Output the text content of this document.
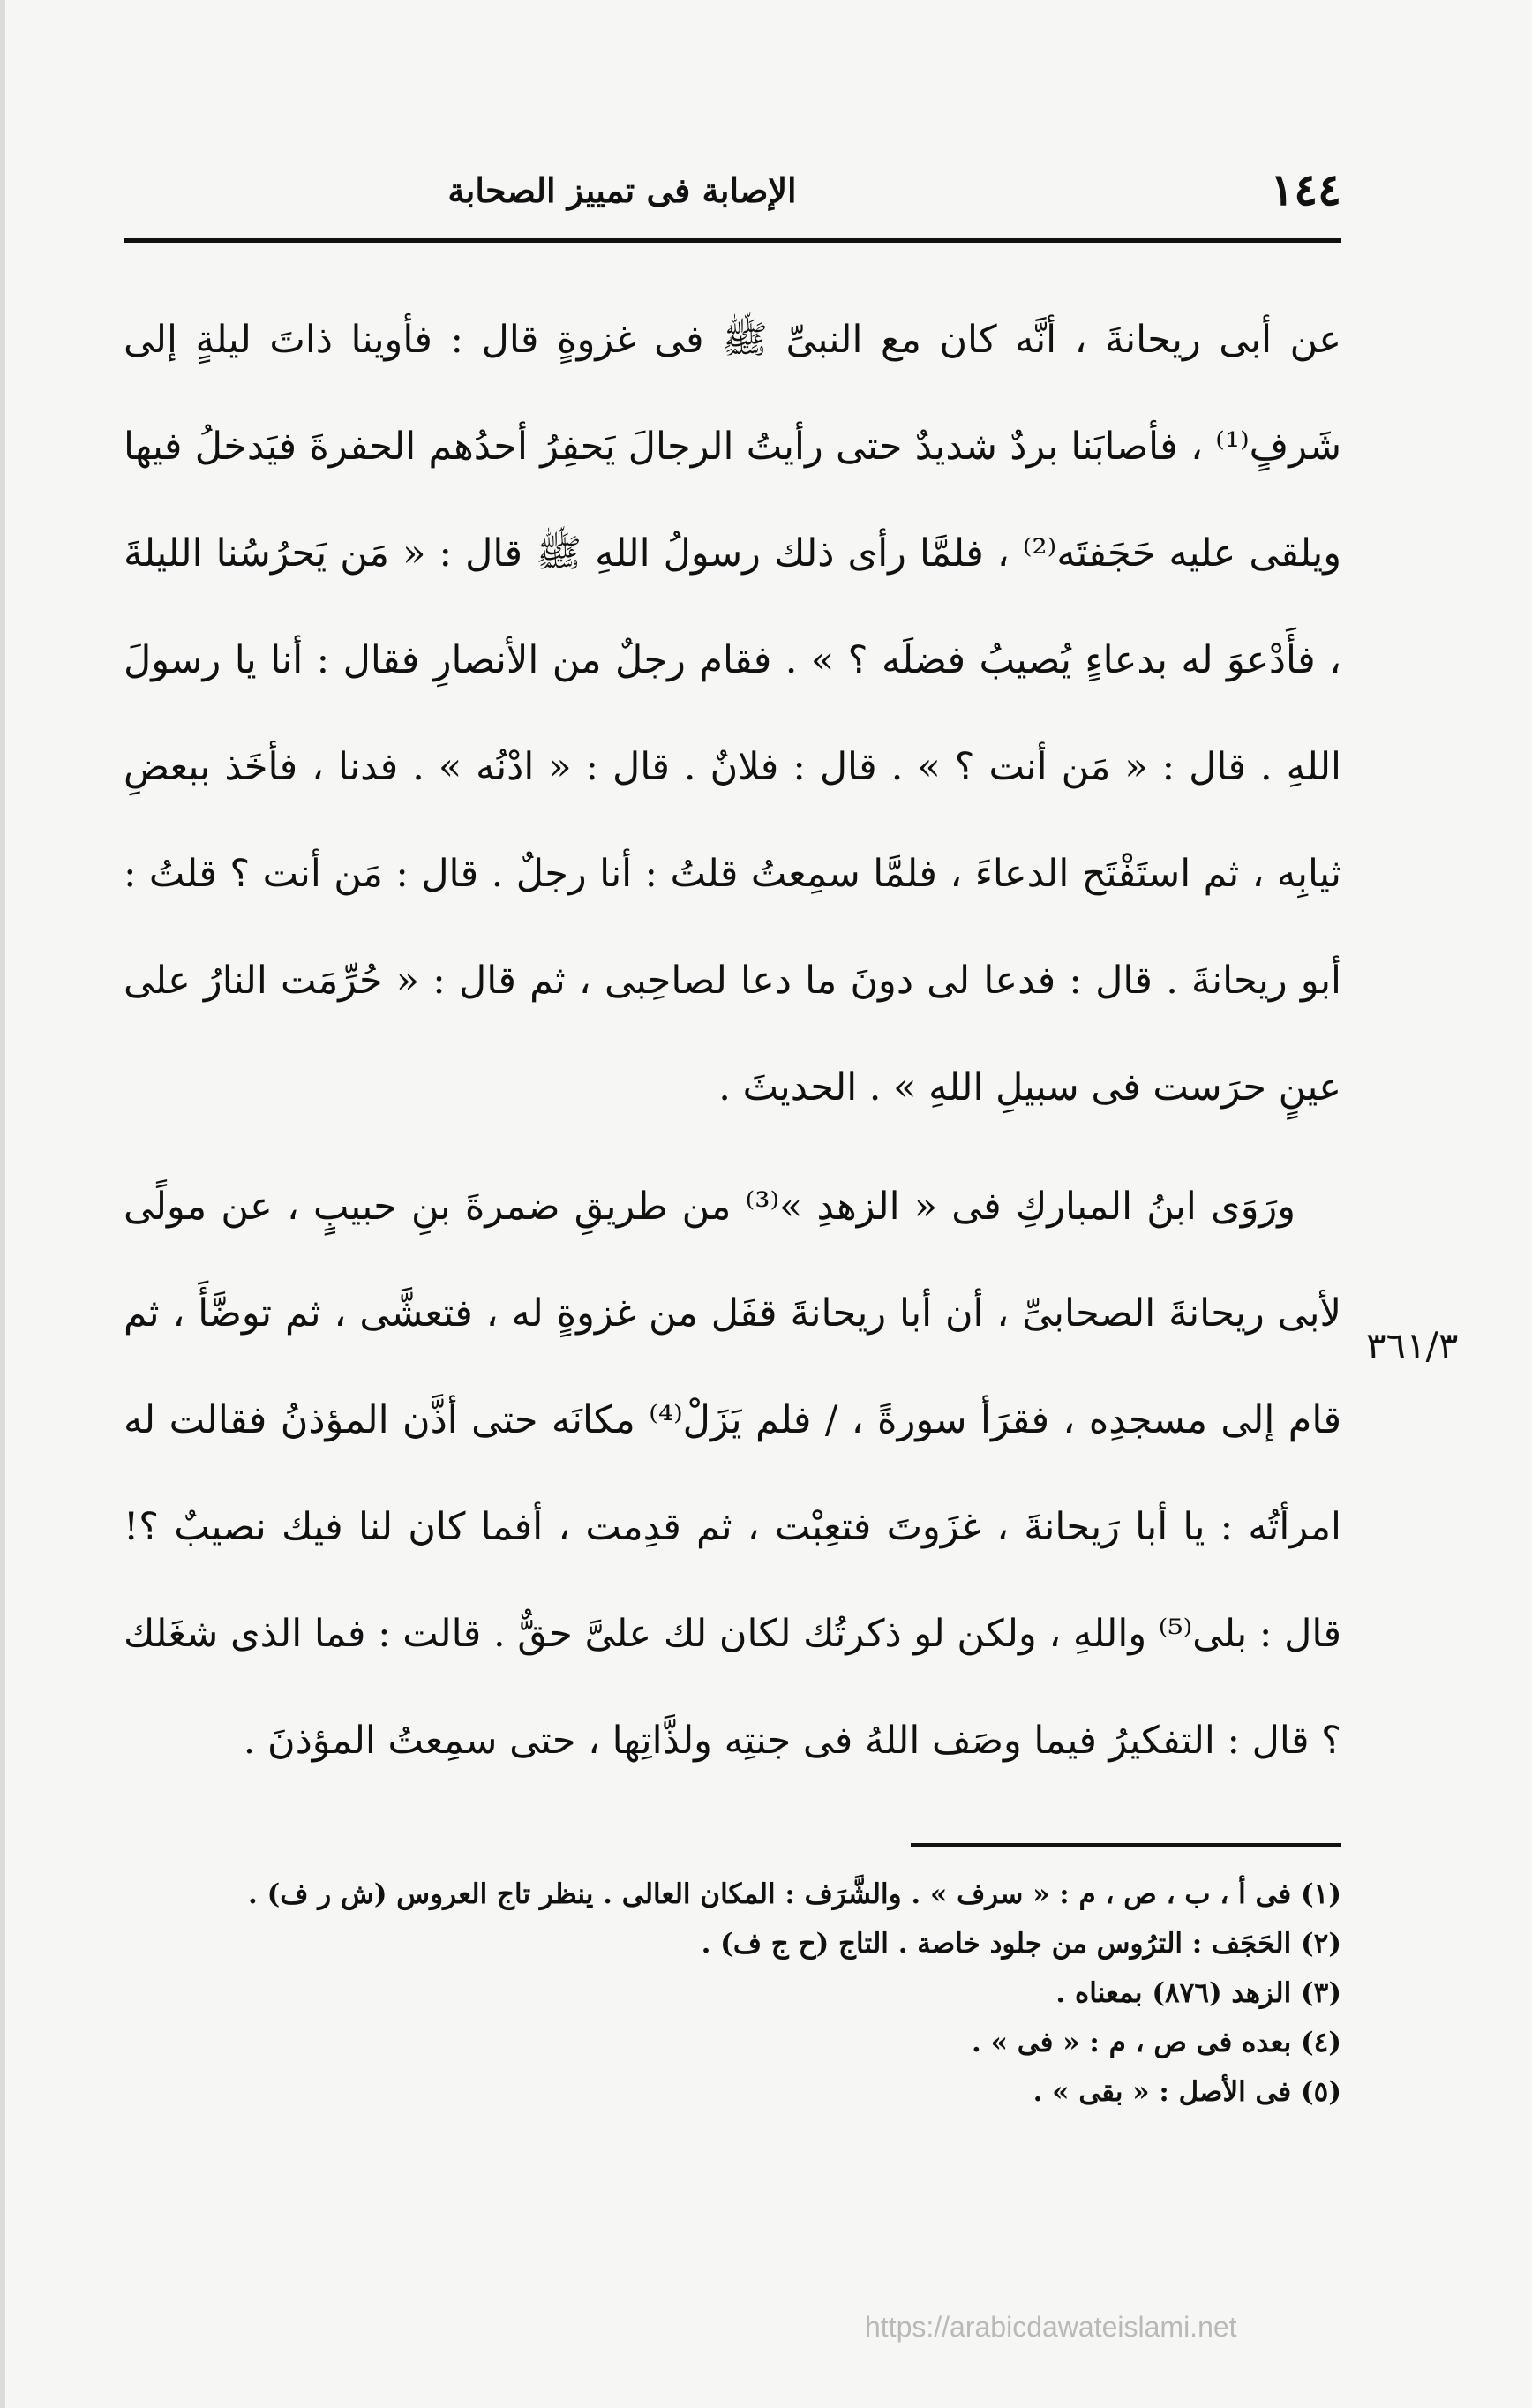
١٤٤
الإصابة فى تمييز الصحابة

عن أبى ريحانةَ ، أنَّه كان مع النبىِّ ﷺ فى غزوةٍ قال : فأوينا ذاتَ ليلةٍ إلى شَرفٍ⁽¹⁾ ، فأصابَنا بردٌ شديدٌ حتى رأيتُ الرجالَ يَحفِرُ أحدُهم الحفرةَ فيَدخلُ فيها ويلقى عليه حَجَفتَه⁽²⁾ ، فلمَّا رأى ذلك رسولُ اللهِ ﷺ قال : « مَن يَحرُسُنا الليلةَ ، فأَدْعوَ له بدعاءٍ يُصيبُ فضلَه ؟ » . فقام رجلٌ من الأنصارِ فقال : أنا يا رسولَ اللهِ . قال : « مَن أنت ؟ » . قال : فلانٌ . قال : « ادْنُه » . فدنا ، فأخَذ ببعضِ ثيابِه ، ثم استَفْتَح الدعاءَ ، فلمَّا سمِعتُ قلتُ : أنا رجلٌ . قال : مَن أنت ؟ قلتُ : أبو ريحانةَ . قال : فدعا لى دونَ ما دعا لصاحِبى ، ثم قال : « حُرِّمَت النارُ على عينٍ حرَست فى سبيلِ اللهِ » . الحديثَ .

ورَوَى ابنُ المباركِ فى « الزهدِ »⁽³⁾ من طريقِ ضمرةَ بنِ حبيبٍ ، عن مولًى لأبى ريحانةَ الصحابىِّ ، أن أبا ريحانةَ قفَل من غزوةٍ له ، فتعشَّى ، ثم توضَّأَ ، ثم قام إلى مسجدِه ، فقرَأ سورةً ، / فلم يَزَلْ⁽⁴⁾ مكانَه حتى أذَّن المؤذنُ فقالت له امرأتُه : يا أبا رَيحانةَ ، غزَوتَ فتعِبْت ، ثم قدِمت ، أفما كان لنا فيك نصيبٌ ؟! قال : بلى⁽⁵⁾ واللهِ ، ولكن لو ذكرتُك لكان لك علىَّ حقٌّ . قالت : فما الذى شغَلك ؟ قال : التفكيرُ فيما وصَف اللهُ فى جنتِه ولذَّاتِها ، حتى سمِعتُ المؤذنَ .

٣٦١/٣

(١) فى أ ، ب ، ص ، م : « سرف » . والشَّرَف : المكان العالى . ينظر تاج العروس (ش ر ف) .

(٢) الحَجَف : الترُوس من جلود خاصة . التاج (ح ج ف) .

(٣) الزهد (٨٧٦) بمعناه .

(٤) بعده فى ص ، م : « فى » .

(٥) فى الأصل : « بقى » .

https://arabicdawateislami.net
